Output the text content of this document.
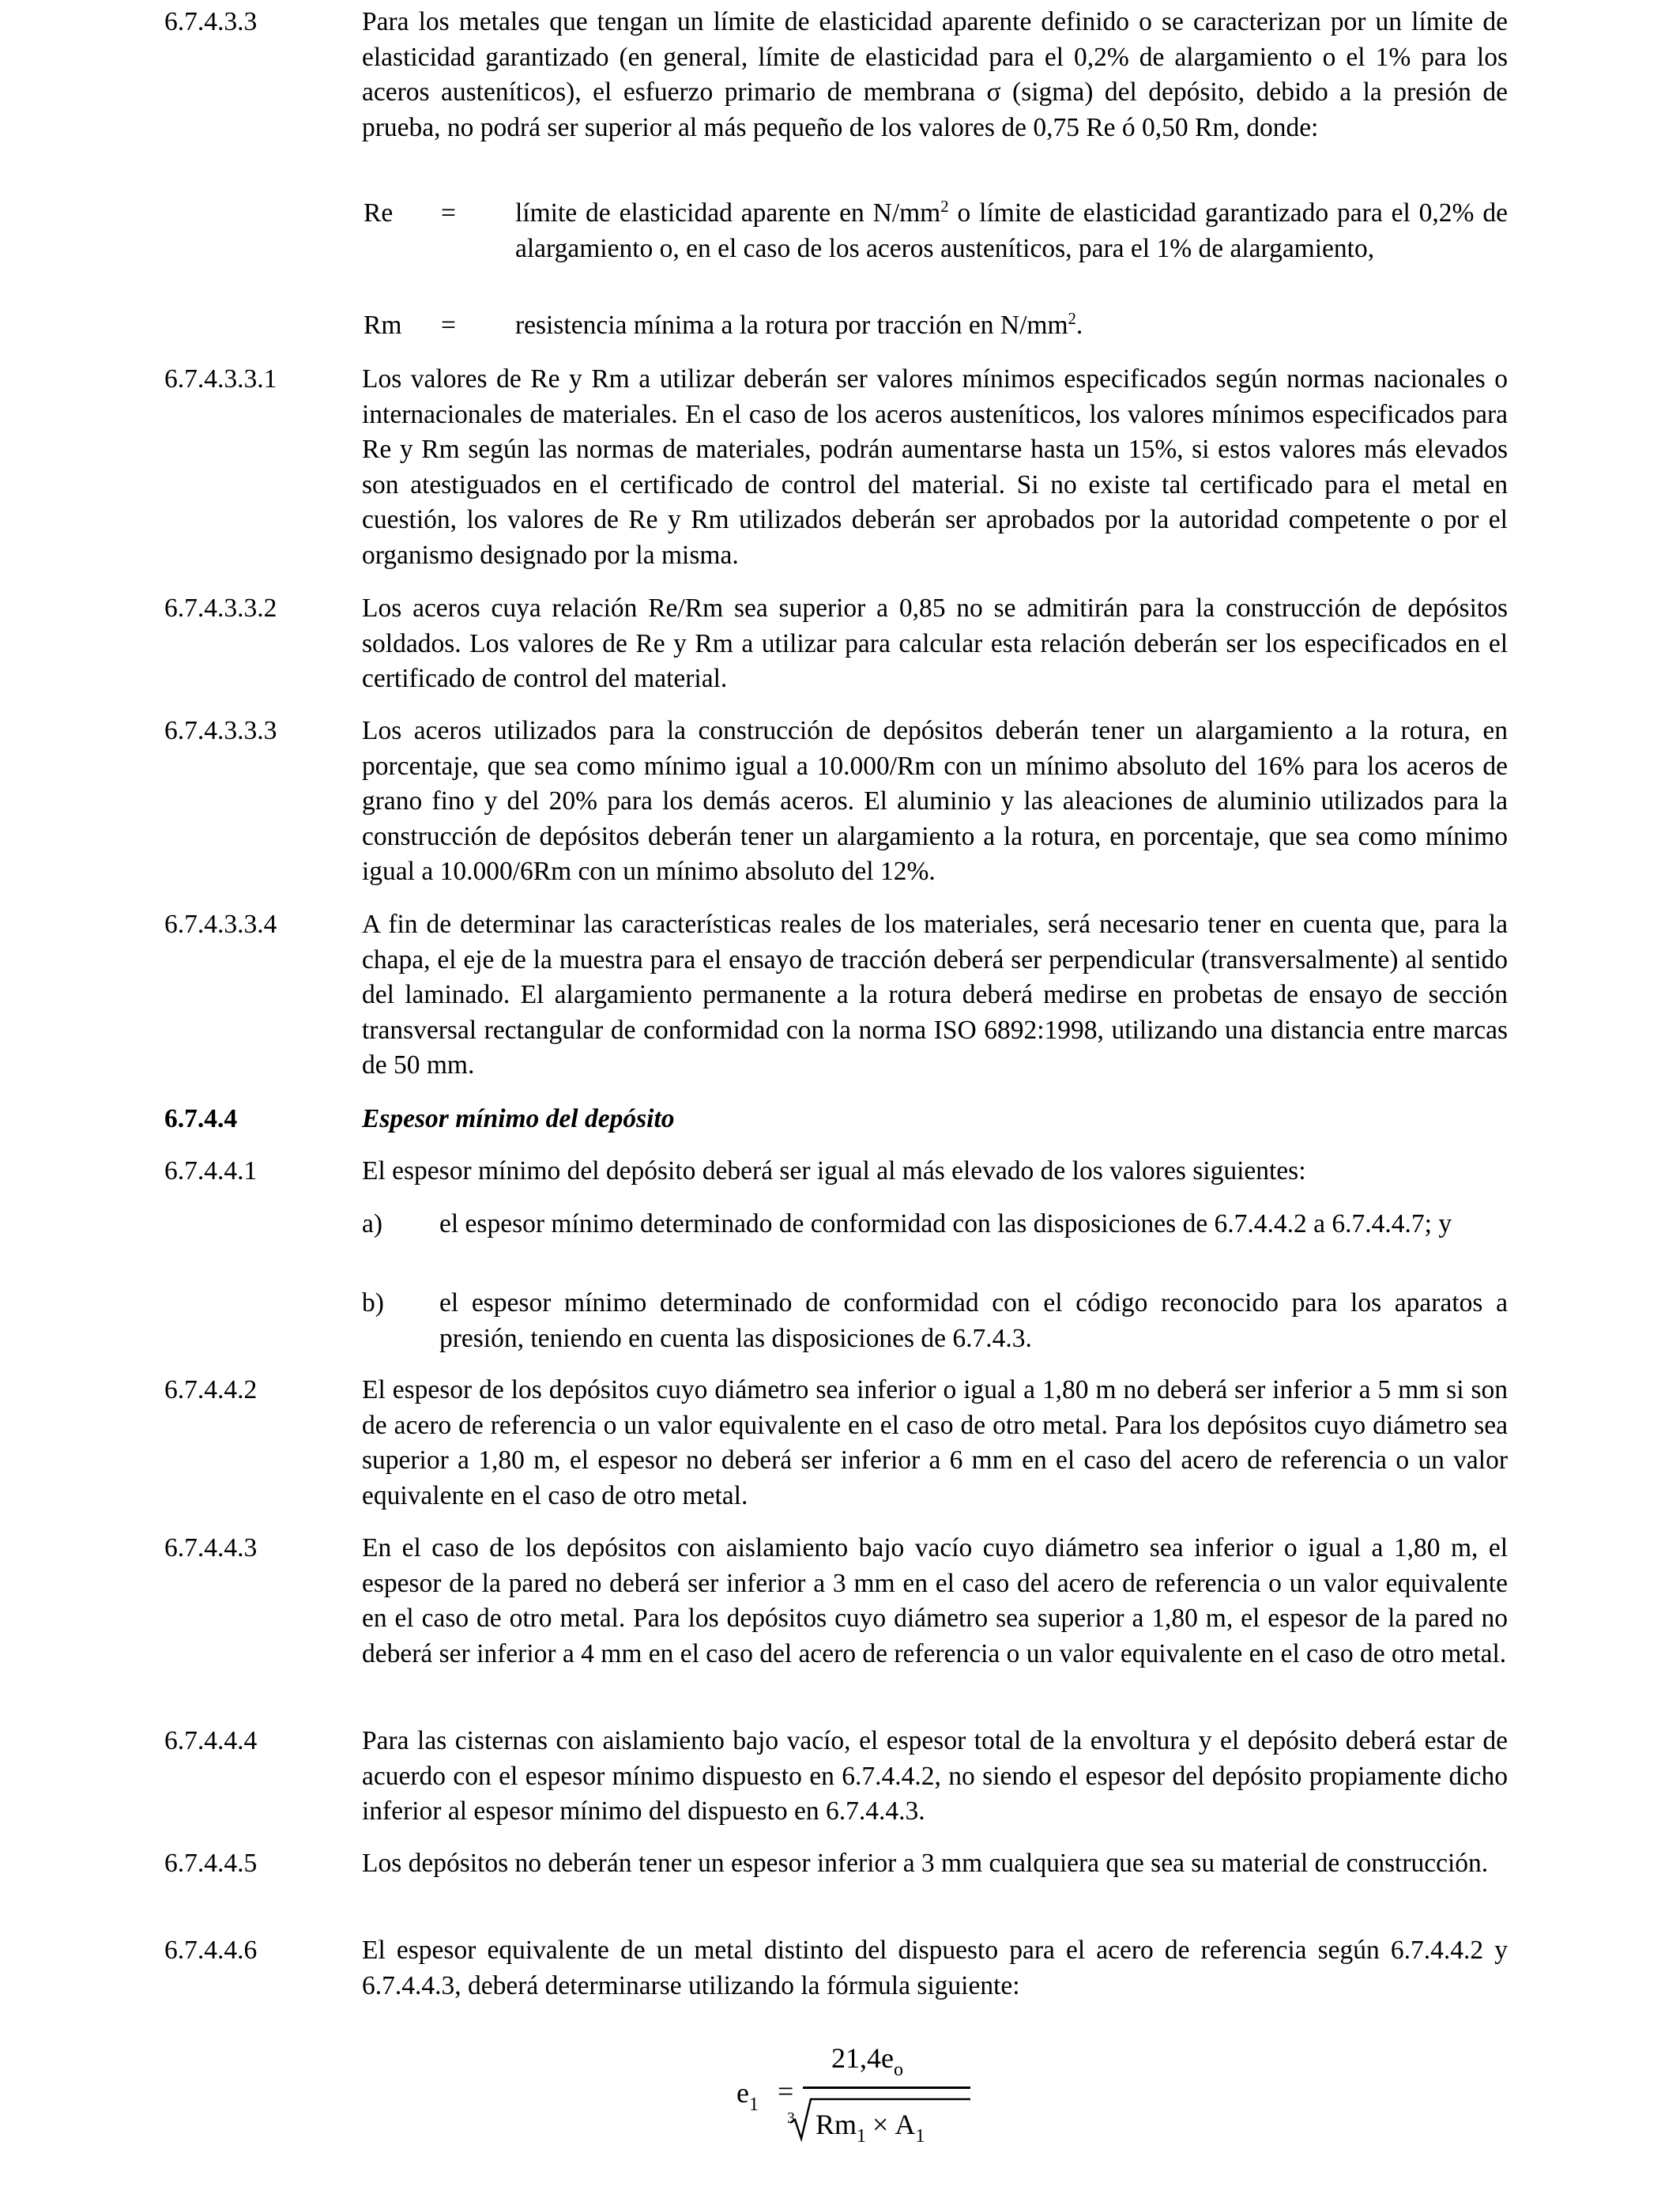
6.7.4.3.3	Para los metales que tengan un límite de elasticidad aparente definido o se caracterizan por un límite de elasticidad garantizado (en general, límite de elasticidad para el 0,2% de alargamiento o el 1% para los aceros austeníticos), el esfuerzo primario de membrana σ (sigma) del depósito, debido a la presión de prueba, no podrá ser superior al más pequeño de los valores de 0,75 Re ó 0,50 Rm, donde:

Re = límite de elasticidad aparente en $N/mm^2$ o límite de elasticidad garantizado para el 0,2% de alargamiento o, en el caso de los aceros austeníticos, para el 1% de alargamiento,
Rm = resistencia mínima a la rotura por tracción en $N/mm^2$.
6.7.4.3.3.1	Los valores de Re y Rm a utilizar deberán ser valores mínimos especificados según normas nacionales o internacionales de materiales. En el caso de los aceros austeníticos, los valores mínimos especificados para Re y Rm según las normas de materiales, podrán aumentarse hasta un 15%, si estos valores más elevados son atestiguados en el certificado de control del material. Si no existe tal certificado para el metal en cuestión, los valores de Re y Rm utilizados deberán ser aprobados por la autoridad competente o por el organismo designado por la misma.

6.7.4.3.3.2	Los aceros cuya relación Re/Rm sea superior a 0,85 no se admitirán para la construcción de depósitos soldados. Los valores de Re y Rm a utilizar para calcular esta relación deberán ser los especificados en el certificado de control del material.

6.7.4.3.3.3	Los aceros utilizados para la construcción de depósitos deberán tener un alargamiento a la rotura, en porcentaje, que sea como mínimo igual a 10.000/Rm con un mínimo absoluto del 16% para los aceros de grano fino y del 20% para los demás aceros. El aluminio y las aleaciones de aluminio utilizados para la construcción de depósitos deberán tener un alargamiento a la rotura, en porcentaje, que sea como mínimo igual a 10.000/6Rm con un mínimo absoluto del 12%.

6.7.4.3.3.4	A fin de determinar las características reales de los materiales, será necesario tener en cuenta que, para la chapa, el eje de la muestra para el ensayo de tracción deberá ser perpendicular (transversalmente) al sentido del laminado. El alargamiento permanente a la rotura deberá medirse en probetas de ensayo de sección transversal rectangular de conformidad con la norma ISO 6892:1998, utilizando una distancia entre marcas de 50 mm.

6.7.4.4	Espesor mínimo del depósito

6.7.4.4.1	El espesor mínimo del depósito deberá ser igual al más elevado de los valores siguientes:

a) el espesor mínimo determinado de conformidad con las disposiciones de 6.7.4.4.2 a 6.7.4.4.7; y

b) el espesor mínimo determinado de conformidad con el código reconocido para los aparatos a presión, teniendo en cuenta las disposiciones de 6.7.4.3.

6.7.4.4.2	El espesor de los depósitos cuyo diámetro sea inferior o igual a 1,80 m no deberá ser inferior a 5 mm si son de acero de referencia o un valor equivalente en el caso de otro metal. Para los depósitos cuyo diámetro sea superior a 1,80 m, el espesor no deberá ser inferior a 6 mm en el caso del acero de referencia o un valor equivalente en el caso de otro metal.

6.7.4.4.3	En el caso de los depósitos con aislamiento bajo vacío cuyo diámetro sea inferior o igual a 1,80 m, el espesor de la pared no deberá ser inferior a 3 mm en el caso del acero de referencia o un valor equivalente en el caso de otro metal. Para los depósitos cuyo diámetro sea superior a 1,80 m, el espesor de la pared no deberá ser inferior a 4 mm en el caso del acero de referencia o un valor equivalente en el caso de otro metal.

6.7.4.4.4	Para las cisternas con aislamiento bajo vacío, el espesor total de la envoltura y el depósito deberá estar de acuerdo con el espesor mínimo dispuesto en 6.7.4.4.2, no siendo el espesor del depósito propiamente dicho inferior al espesor mínimo del dispuesto en 6.7.4.4.3.

6.7.4.4.5	Los depósitos no deberán tener un espesor inferior a 3 mm cualquiera que sea su material de construcción.

6.7.4.4.6	El espesor equivalente de un metal distinto del dispuesto para el acero de referencia según 6.7.4.4.2 y 6.7.4.4.3, deberá determinarse utilizando la fórmula siguiente:

$e_1$ =
$21,4e_o$
3 $Rm_1 \times A_1$
